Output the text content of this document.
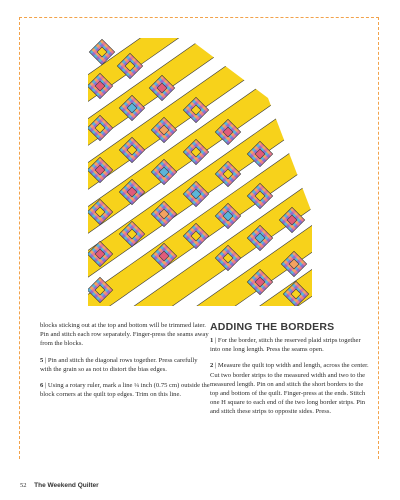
blocks sticking out at the top and bottom will be trimmed later. Pin and stitch each row separately. Finger-press the seams away from the blocks.

5 | Pin and stitch the diagonal rows together. Press carefully with the grain so as not to distort the bias edges.

6 | Using a rotary ruler, mark a line ¼ inch (0.75 cm) outside the block corners at the quilt top edges. Trim on this line.

ADDING THE BORDERS

1 | For the border, stitch the reserved plaid strips together into one long length. Press the seams open.

2 | Measure the quilt top width and length, across the center. Cut two border strips to the measured width and two to the measured length. Pin on and stitch the short borders to the top and bottom of the quilt. Finger-press at the ends. Stitch one H square to each end of the two long border strips. Pin and stitch these strips to opposite sides. Press.

52 The Weekend Quilter
